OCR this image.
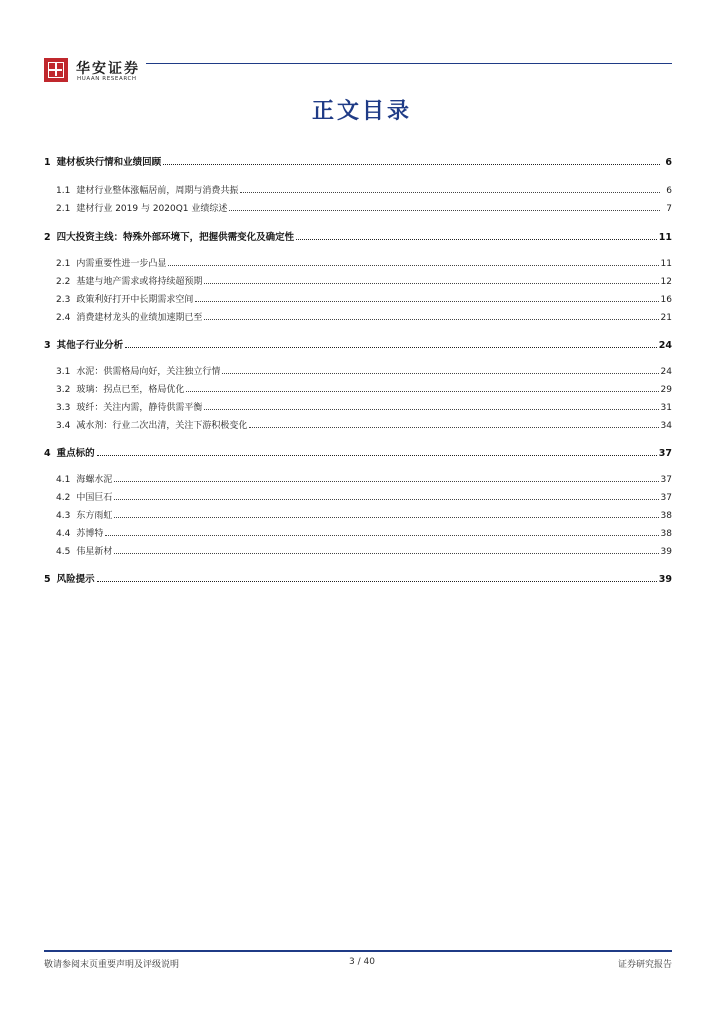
华安证券
HUAAN RESEARCH
正文目录
1 建材板块行情和业绩回顾	6
1.1 建材行业整体涨幅居前，周期与消费共振	6
2.1 建材行业 2019 与 2020Q1 业绩综述	7
2 四大投资主线：特殊外部环境下，把握供需变化及确定性	11
2.1 内需重要性进一步凸显	11
2.2 基建与地产需求或将持续超预期	12
2.3 政策利好打开中长期需求空间	16
2.4 消费建材龙头的业绩加速期已至	21
3 其他子行业分析	24
3.1 水泥：供需格局向好，关注独立行情	24
3.2 玻璃：拐点已至，格局优化	29
3.3 玻纤：关注内需，静待供需平衡	31
3.4 减水剂：行业二次出清，关注下游积极变化	34
4 重点标的	37
4.1 海螺水泥	37
4.2 中国巨石	37
4.3 东方雨虹	38
4.4 苏博特	38
4.5 伟星新材	39
5 风险提示	39
敬请参阅末页重要声明及评级说明	3 / 40	证券研究报告
